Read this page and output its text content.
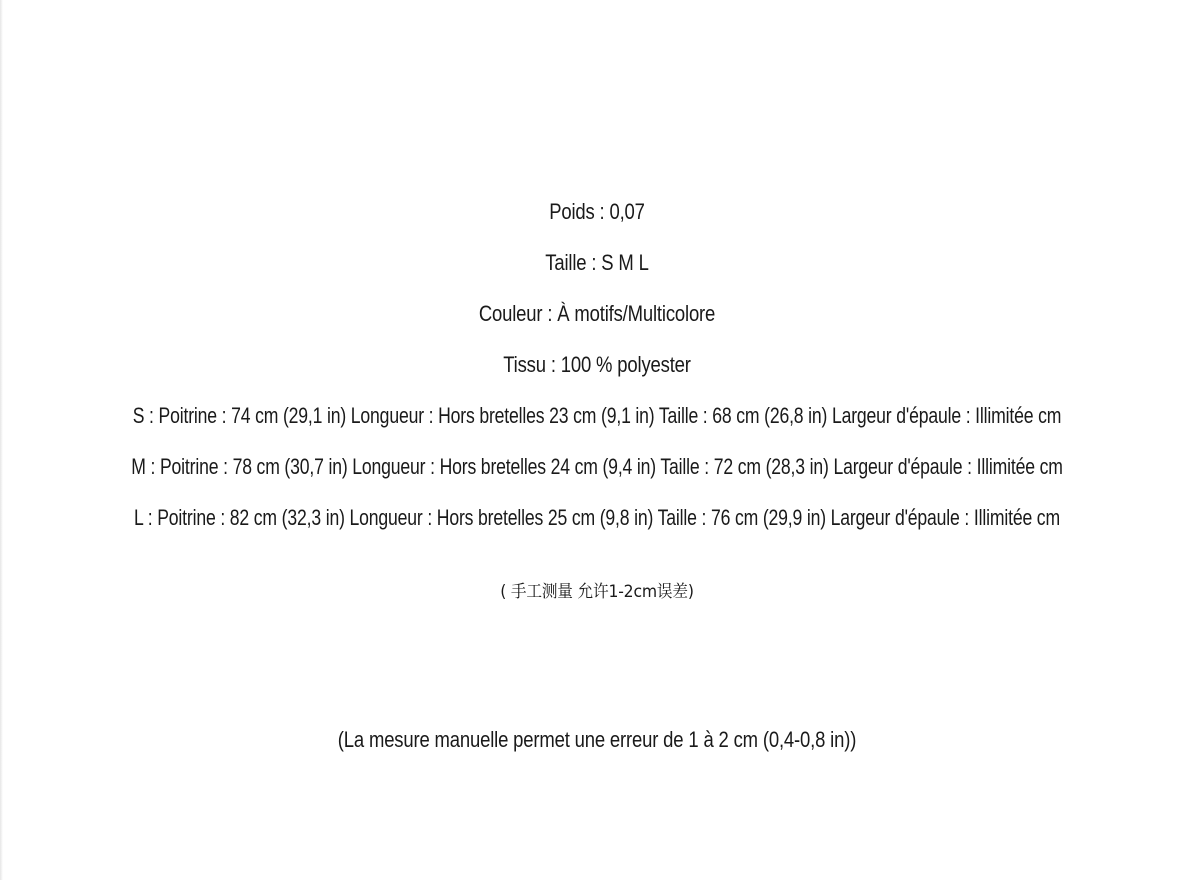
Poids : 0,07
Taille : S M L
Couleur : À motifs/Multicolore
Tissu : 100 % polyester
S : Poitrine : 74 cm (29,1 in) Longueur : Hors bretelles 23 cm (9,1 in) Taille : 68 cm (26,8 in) Largeur d'épaule : Illimitée cm
M : Poitrine : 78 cm (30,7 in) Longueur : Hors bretelles 24 cm (9,4 in) Taille : 72 cm (28,3 in) Largeur d'épaule : Illimitée cm
L : Poitrine : 82 cm (32,3 in) Longueur : Hors bretelles 25 cm (9,8 in) Taille : 76 cm (29,9 in) Largeur d'épaule : Illimitée cm
( 手工测量 允许1-2cm误差)
(La mesure manuelle permet une erreur de 1 à 2 cm (0,4-0,8 in))
